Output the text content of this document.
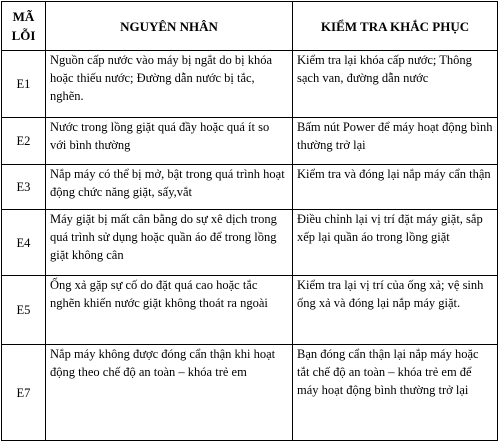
MÃ LỖI	NGUYÊN NHÂN	KIỂM TRA KHẮC PHỤC
E1	Nguồn cấp nước vào máy bị ngắt do bị khóa hoặc thiếu nước; Đường dẫn nước bị tắc, nghẽn.	Kiểm tra lại khóa cấp nước; Thông sạch van, đường dẫn nước
E2	Nước trong lồng giặt quá đầy hoặc quá ít so với bình thường	Bấm nút Power để máy hoạt động bình thường trở lại
E3	Nắp máy có thể bị mở, bật trong quá trình hoạt động chức năng giặt, sấy,vắt	Kiểm tra và đóng lại nắp máy cẩn thận
E4	Máy giặt bị mất cân bằng do sự xê dịch trong quá trình sử dụng hoặc quần áo để trong lồng giặt không cân	Điều chỉnh lại vị trí đặt máy giặt, sắp xếp lại quần áo trong lồng giặt
E5	Ống xả gặp sự cố do đặt quá cao hoặc tắc nghẽn khiến nước giặt không thoát ra ngoài	Kiểm tra lại vị trí của ống xả; vệ sinh ống xả và đóng lại nắp máy giặt.
E7	Nắp máy không được đóng cẩn thận khi hoạt động theo chế độ an toàn – khóa trẻ em	Bạn đóng cẩn thận lại nắp máy hoặc tắt chế độ an toàn – khóa trẻ em để máy hoạt động bình thường trở lại
